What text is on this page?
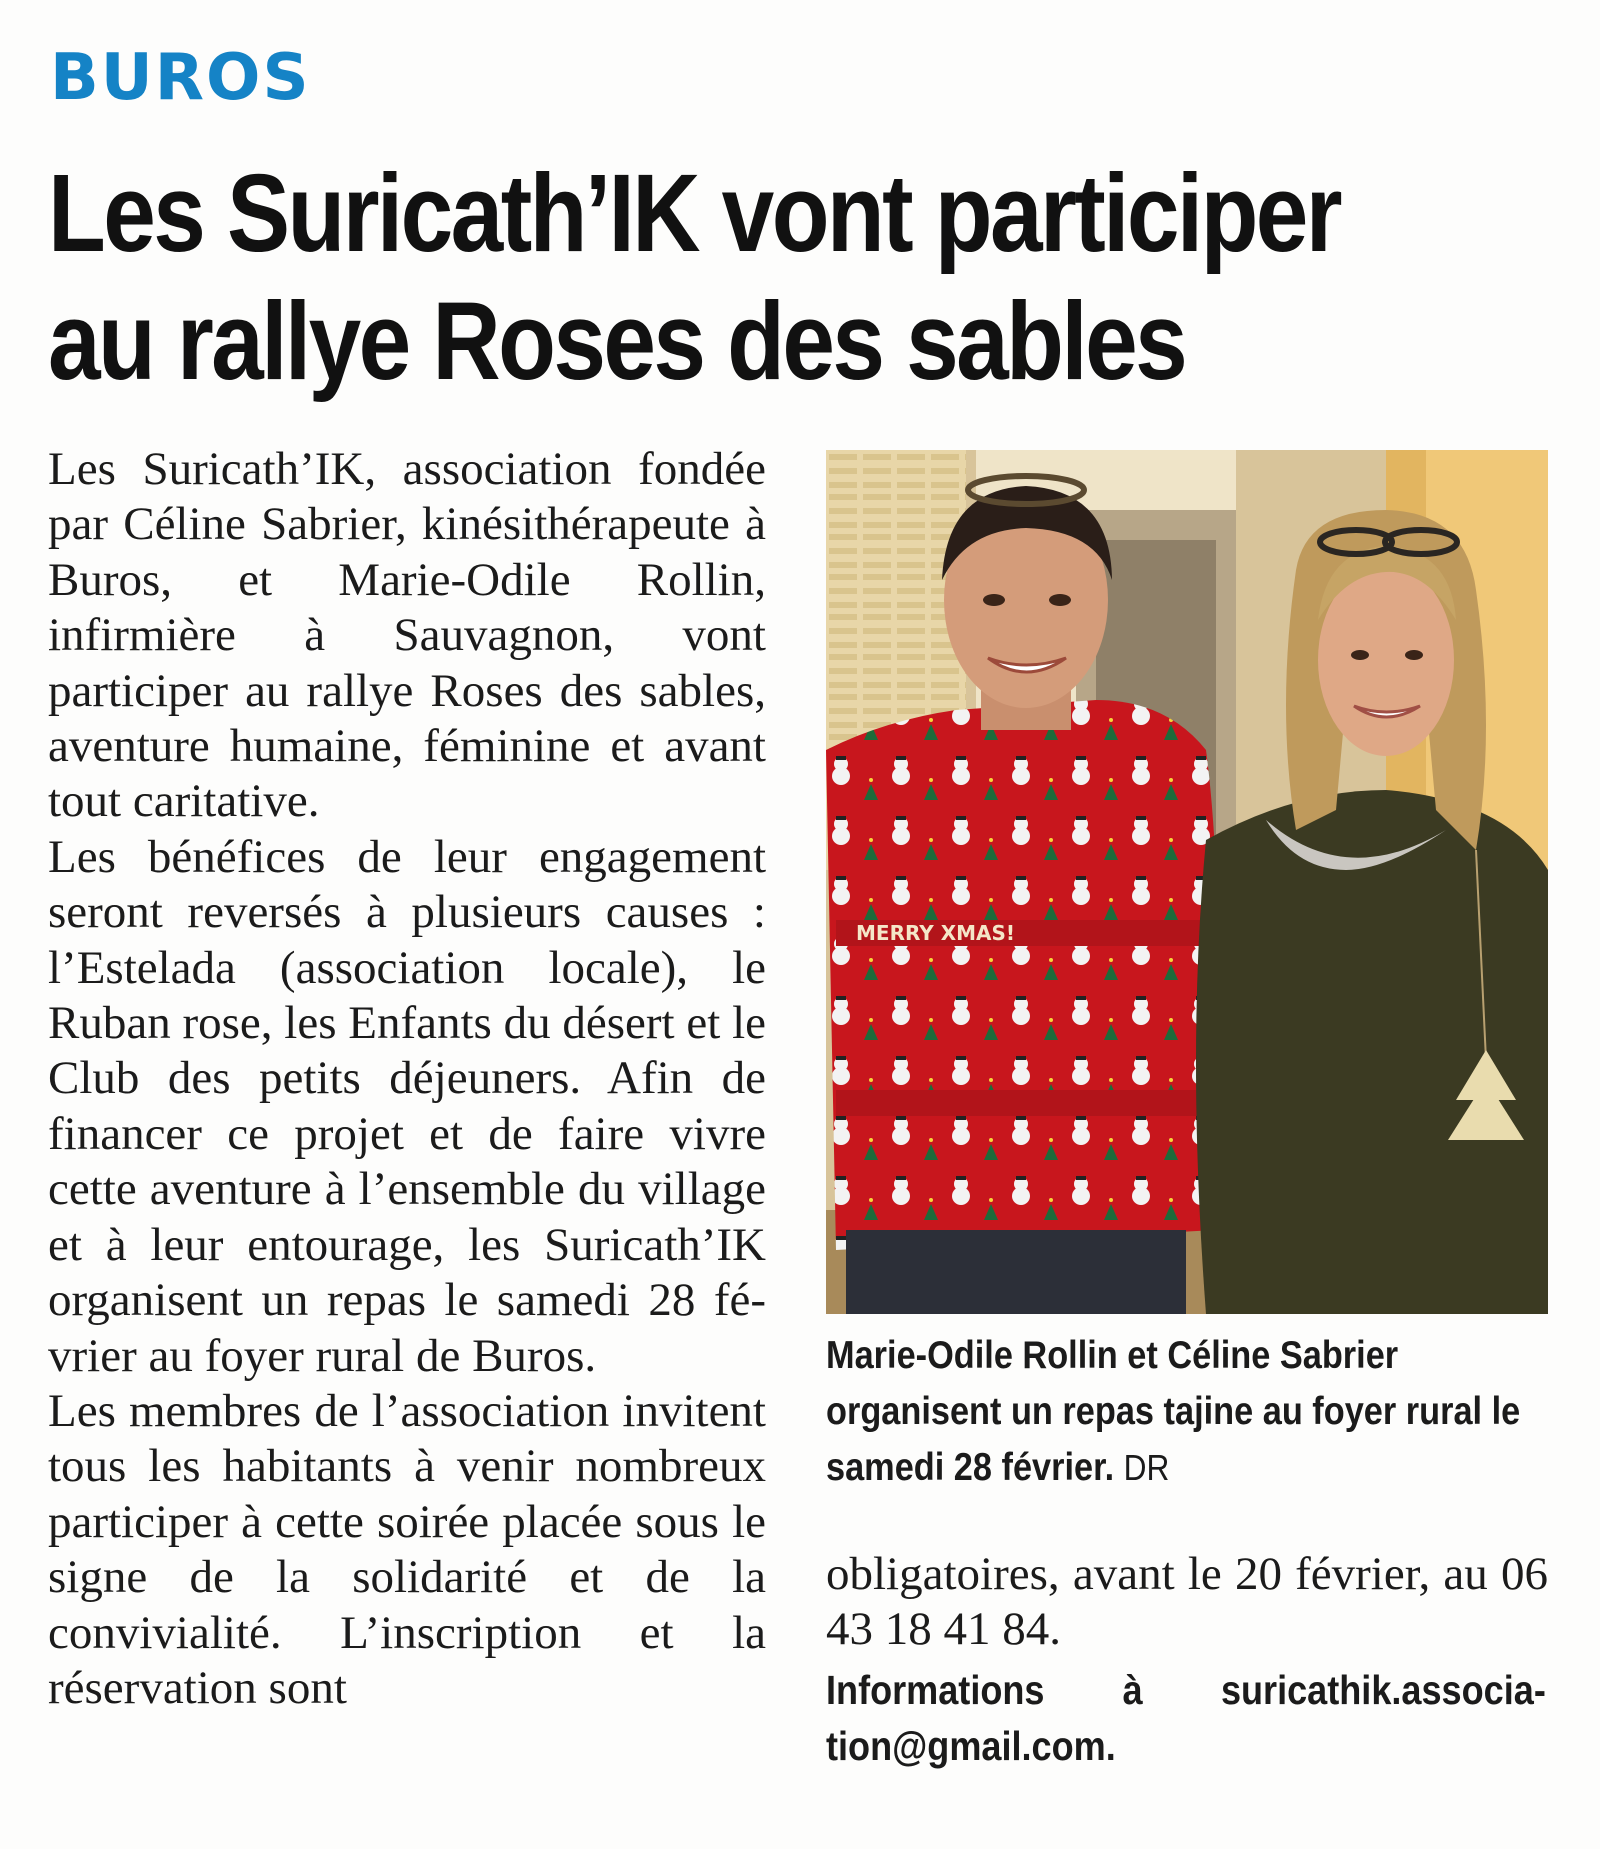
BUROS
Les Suricath’IK vont participer
au rallye Roses des sables

Les Suricath’IK, association fondée par Céline Sabrier, kinésithérapeute à Buros, et Marie-Odile Rollin, infirmière à Sauvagnon, vont participer au rallye Roses des sables, aventure humaine, féminine et avant tout caritative.

Les bénéfices de leur engagement seront reversés à plusieurs causes : l’Estelada (association locale), le Ruban rose, les Enfants du désert et le Club des petits déjeuners. Afin de financer ce projet et de faire vivre cette aventure à l’ensemble du village et à leur entourage, les Suricath’IK organisent un repas le samedi 28 février au foyer rural de Buros.

Les membres de l’association invitent tous les habitants à venir nombreux participer à cette soirée placée sous le signe de la solidarité et de la convivialité. L’inscription et la réservation sont

MERRY XMAS!

Marie-Odile Rollin et Céline Sabrier organisent un repas tajine au foyer rural le samedi 28 février. DR

obligatoires, avant le 20 février, au 06 43 18 41 84.

Informations à suricathik.association@gmail.com.
